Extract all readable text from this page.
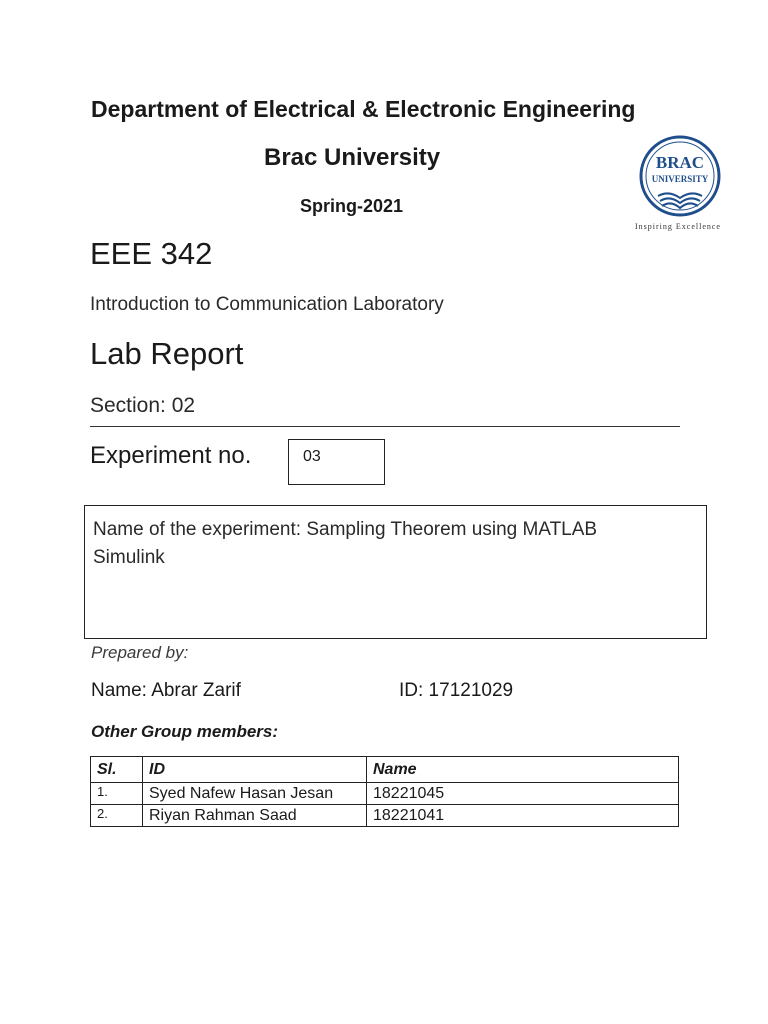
Department of Electrical & Electronic Engineering
Brac University
Spring-2021
BRAC
UNIVERSITY
Inspiring Excellence
EEE 342
Introduction to Communication Laboratory
Lab Report
Section: 02
Experiment no.	03
Name of the experiment: Sampling Theorem using MATLAB
Simulink
Prepared by:
Name: Abrar Zarif	ID: 17121029
Other Group members:
Sl.	ID	Name
1.	Syed Nafew Hasan Jesan	18221045
2.	Riyan Rahman Saad	18221041
